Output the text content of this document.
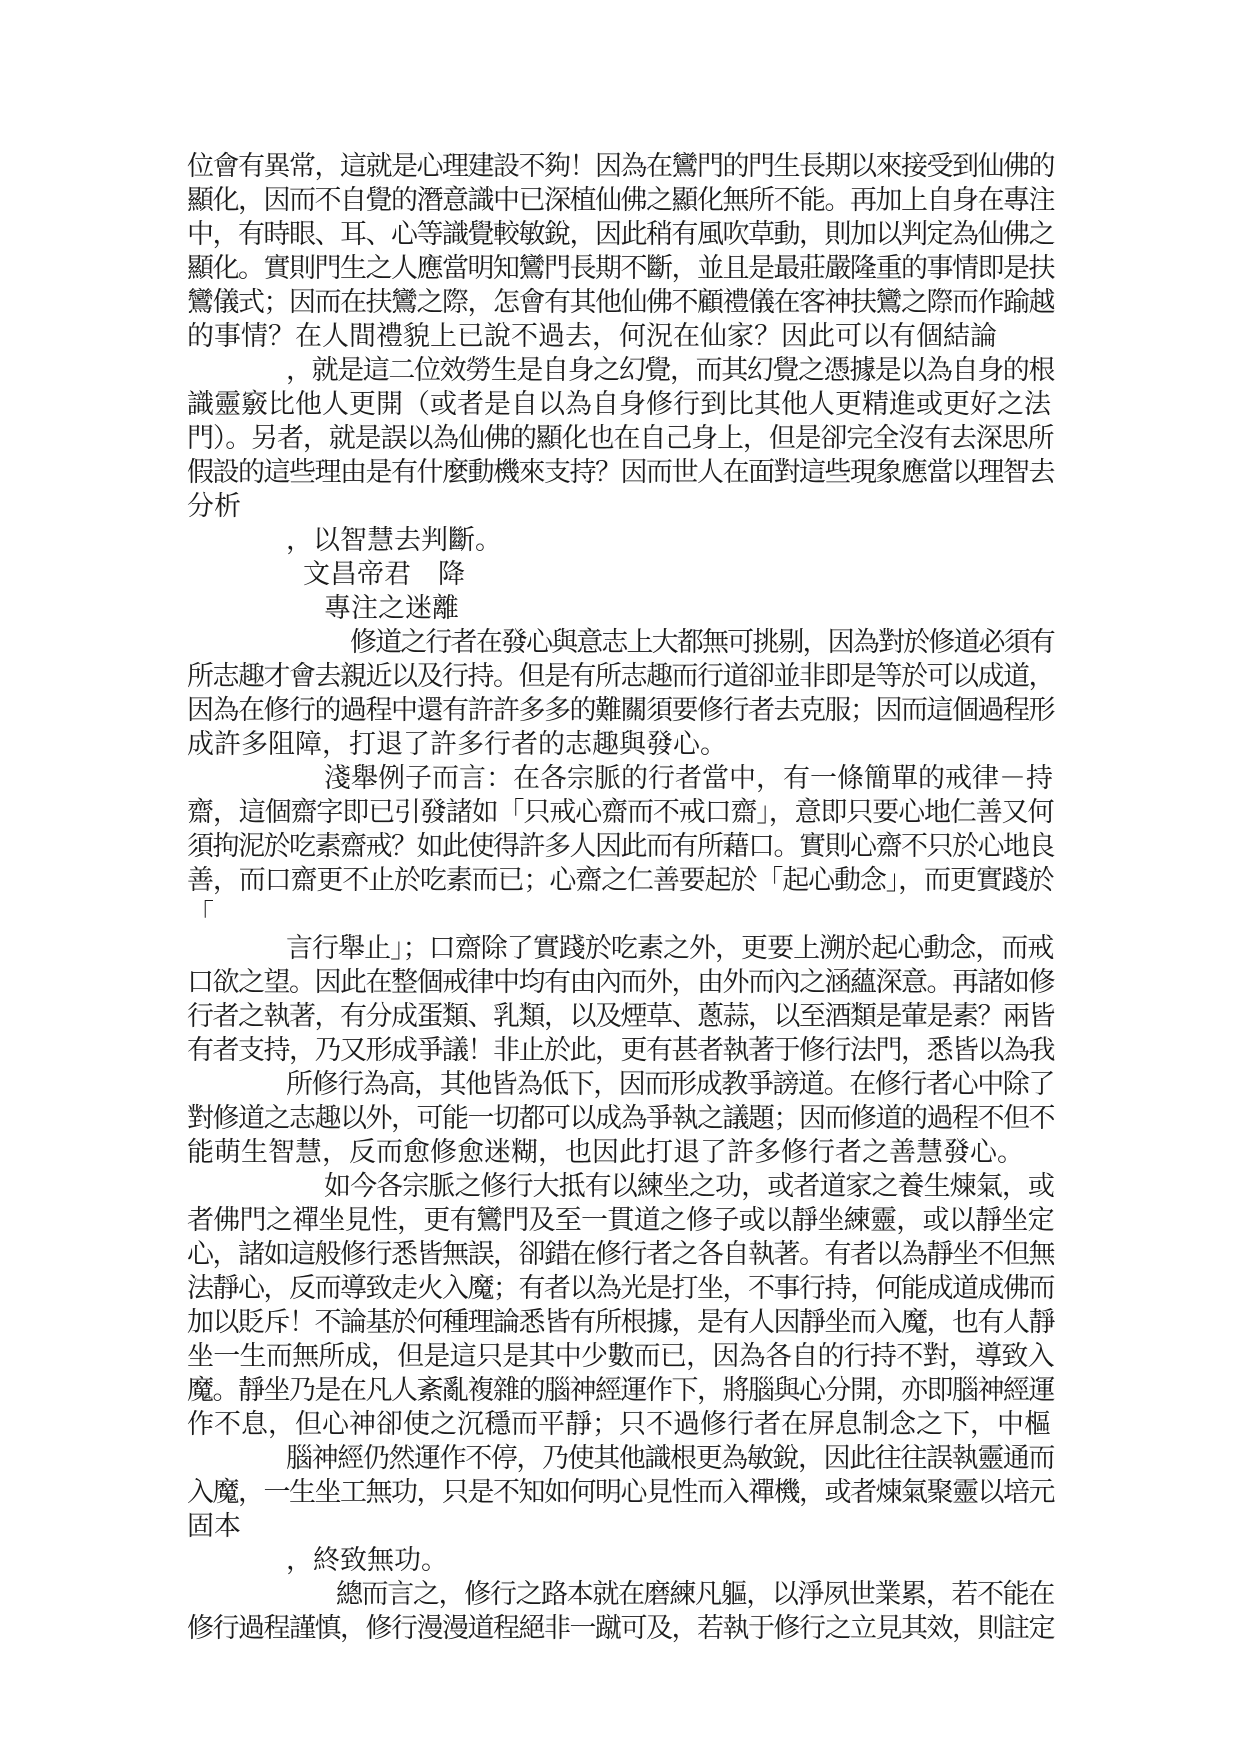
位會有異常，這就是心理建設不夠！因為在鸞門的門生長期以來接受到仙佛的
顯化，因而不自覺的潛意識中已深植仙佛之顯化無所不能。再加上自身在專注
中，有時眼、耳、心等識覺較敏銳，因此稍有風吹草動，則加以判定為仙佛之
顯化。實則門生之人應當明知鸞門長期不斷，並且是最莊嚴隆重的事情即是扶
鸞儀式；因而在扶鸞之際，怎會有其他仙佛不顧禮儀在客神扶鸞之際而作踰越
的事情？在人間禮貌上已說不過去，何況在仙家？因此可以有個結論
，就是這二位效勞生是自身之幻覺，而其幻覺之憑據是以為自身的根
識靈竅比他人更開（或者是自以為自身修行到比其他人更精進或更好之法
門）。另者，就是誤以為仙佛的顯化也在自己身上，但是卻完全沒有去深思所
假設的這些理由是有什麼動機來支持？因而世人在面對這些現象應當以理智去
分析
，以智慧去判斷。
文昌帝君　降
專注之迷離
修道之行者在發心與意志上大都無可挑剔，因為對於修道必須有
所志趣才會去親近以及行持。但是有所志趣而行道卻並非即是等於可以成道，
因為在修行的過程中還有許許多多的難關須要修行者去克服；因而這個過程形
成許多阻障，打退了許多行者的志趣與發心。
淺舉例子而言：在各宗脈的行者當中，有一條簡單的戒律－持
齋，這個齋字即已引發諸如「只戒心齋而不戒口齋」，意即只要心地仁善又何
須拘泥於吃素齋戒？如此使得許多人因此而有所藉口。實則心齋不只於心地良
善，而口齋更不止於吃素而已；心齋之仁善要起於「起心動念」，而更實踐於
「
言行舉止」；口齋除了實踐於吃素之外，更要上溯於起心動念，而戒
口欲之望。因此在整個戒律中均有由內而外，由外而內之涵蘊深意。再諸如修
行者之執著，有分成蛋類、乳類，以及煙草、蔥蒜，以至酒類是葷是素？兩皆
有者支持，乃又形成爭議！非止於此，更有甚者執著于修行法門，悉皆以為我
所修行為高，其他皆為低下，因而形成教爭謗道。在修行者心中除了
對修道之志趣以外，可能一切都可以成為爭執之議題；因而修道的過程不但不
能萌生智慧，反而愈修愈迷糊，也因此打退了許多修行者之善慧發心。
如今各宗脈之修行大抵有以練坐之功，或者道家之養生煉氣，或
者佛門之禪坐見性，更有鸞門及至一貫道之修子或以靜坐練靈，或以靜坐定
心，諸如這般修行悉皆無誤，卻錯在修行者之各自執著。有者以為靜坐不但無
法靜心，反而導致走火入魔；有者以為光是打坐，不事行持，何能成道成佛而
加以貶斥！不論基於何種理論悉皆有所根據，是有人因靜坐而入魔，也有人靜
坐一生而無所成，但是這只是其中少數而已，因為各自的行持不對，導致入
魔。靜坐乃是在凡人紊亂複雜的腦神經運作下，將腦與心分開，亦即腦神經運
作不息，但心神卻使之沉穩而平靜；只不過修行者在屏息制念之下，中樞
腦神經仍然運作不停，乃使其他識根更為敏銳，因此往往誤執靈通而
入魔，一生坐工無功，只是不知如何明心見性而入禪機，或者煉氣聚靈以培元
固本
，終致無功。
總而言之，修行之路本就在磨練凡軀，以淨夙世業累，若不能在
修行過程謹慎，修行漫漫道程絕非一蹴可及，若執于修行之立見其效，則註定
